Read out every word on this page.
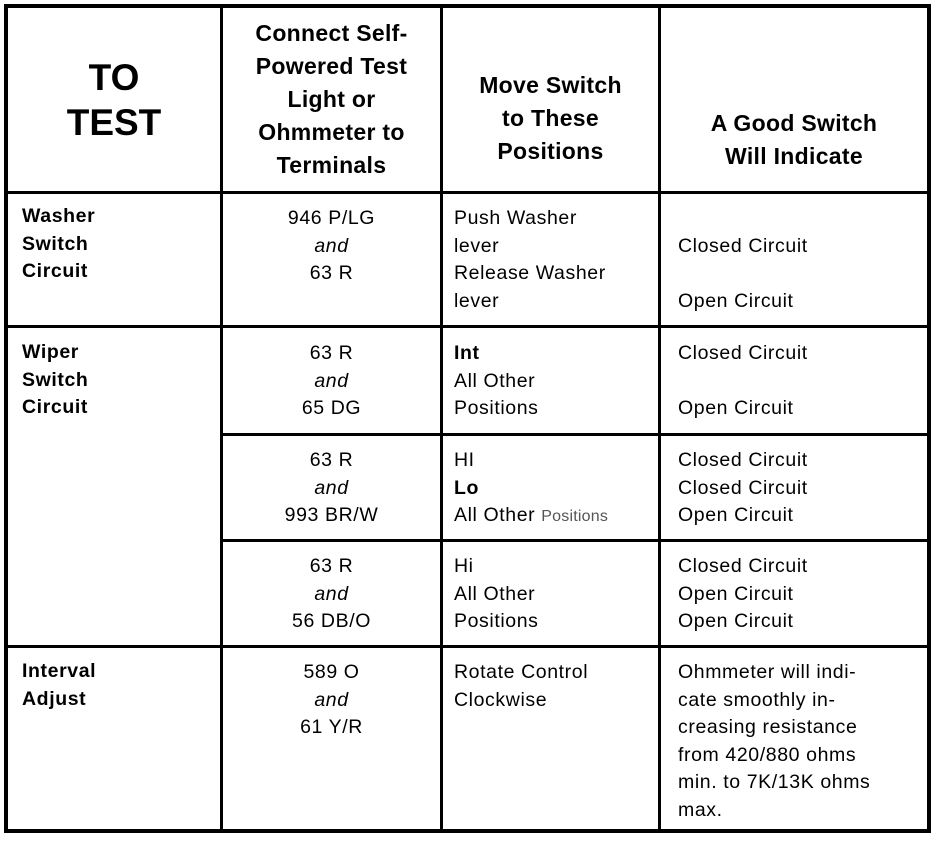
TO
TEST
Connect Self-
Powered Test
Light or
Ohmmeter to
Terminals
Move Switch
to These
Positions
A Good Switch
Will Indicate
Washer
Switch
Circuit
946 P/LG
and
63 R
Push Washer
lever
Release Washer
lever
Closed Circuit
Open Circuit
Wiper
Switch
Circuit
63 R
and
65 DG
Int
All Other
Positions
Closed Circuit
Open Circuit
63 R
and
993 BR/W
HI
Lo
All Other Positions
Closed Circuit
Closed Circuit
Open Circuit
63 R
and
56 DB/O
Hi
All Other
Positions
Closed Circuit
Open Circuit
Open Circuit
Interval
Adjust
589 O
and
61 Y/R
Rotate Control
Clockwise
Ohmmeter will indi-
cate smoothly in-
creasing resistance
from 420/880 ohms
min. to 7K/13K ohms
max.
